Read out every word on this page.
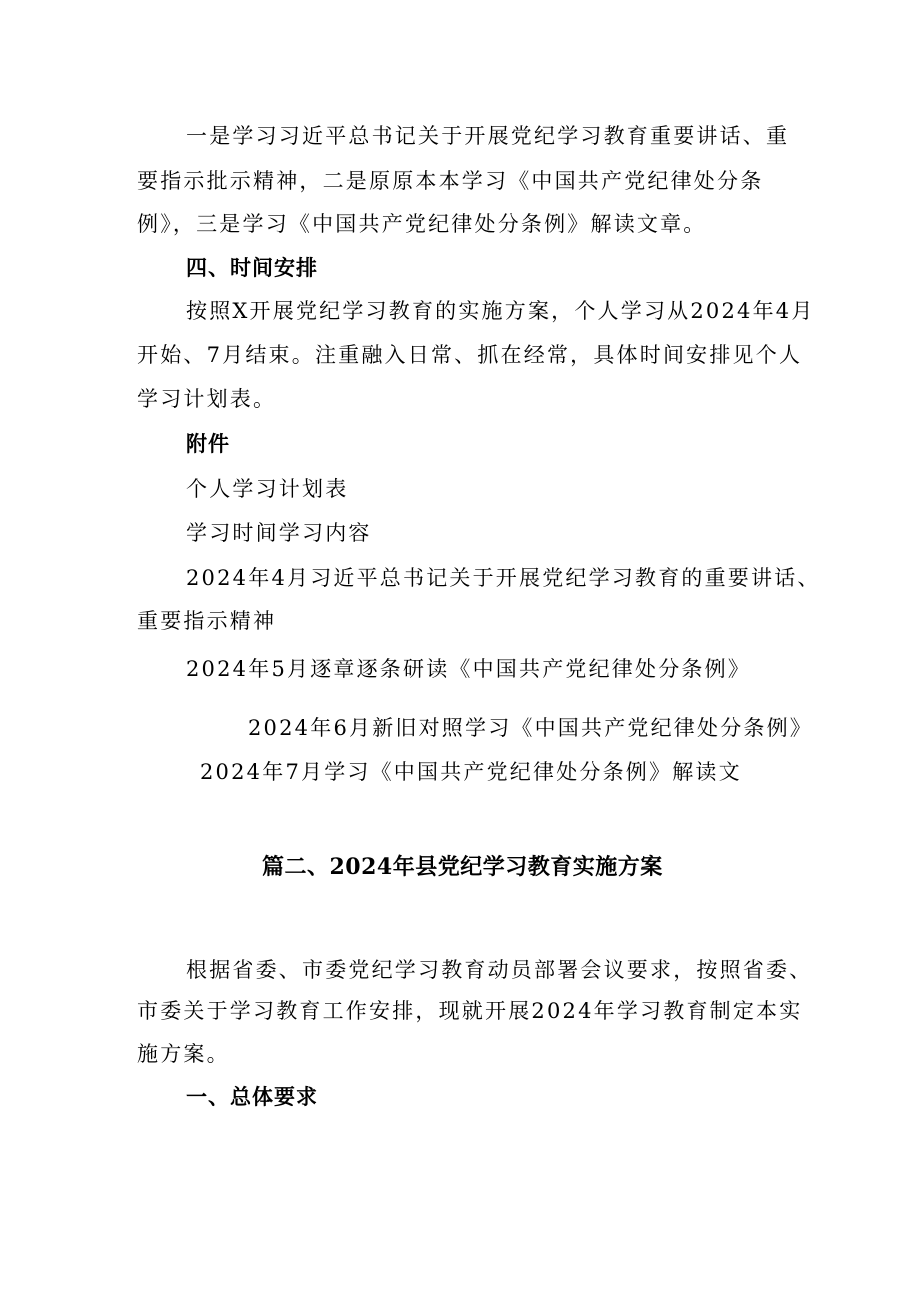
一是学习习近平总书记关于开展党纪学习教育重要讲话、重
要指示批示精神，二是原原本本学习《中国共产党纪律处分条
例》，三是学习《中国共产党纪律处分条例》解读文章。
四、时间安排
按照X开展党纪学习教育的实施方案，个人学习从2024年4月
开始、7月结束。注重融入日常、抓在经常，具体时间安排见个人
学习计划表。
附件
个人学习计划表
学习时间学习内容
2024年4月习近平总书记关于开展党纪学习教育的重要讲话、
重要指示精神
2024年5月逐章逐条研读《中国共产党纪律处分条例》
2024年6月新旧对照学习《中国共产党纪律处分条例》
2024年7月学习《中国共产党纪律处分条例》解读文
篇二、2024年县党纪学习教育实施方案
根据省委、市委党纪学习教育动员部署会议要求，按照省委、
市委关于学习教育工作安排，现就开展2024年学习教育制定本实
施方案。
一、总体要求
